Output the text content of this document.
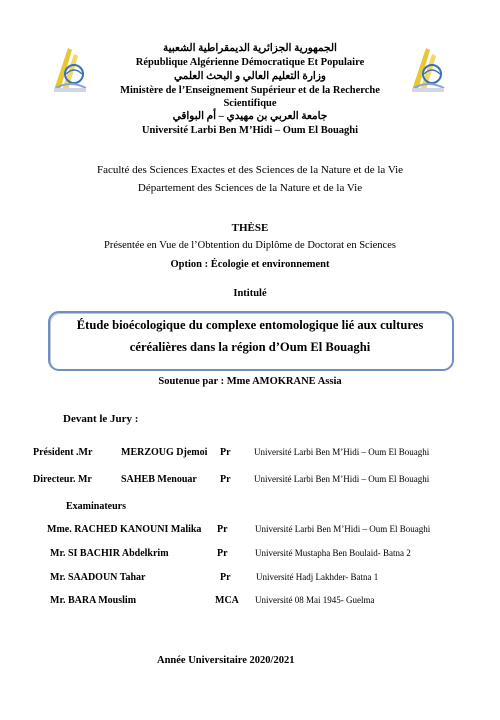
الجمهورية الجزائرية الديمقراطية الشعبية
République Algérienne Démocratique Et Populaire
وزارة التعليم العالي و البحث العلمي
Ministère de l’Enseignement Supérieur et de la Recherche
Scientifique
جامعة العربي بن مهيدي – أم البواقي
Université Larbi Ben M’Hidi – Oum El Bouaghi
Faculté des Sciences Exactes et des Sciences de la Nature et de la Vie
Département des Sciences de la Nature et de la Vie
THÈSE
Présentée en Vue de l’Obtention du Diplôme de Doctorat en Sciences
Option : Écologie et environnement
Intitulé
Étude bioécologique du complexe entomologique lié aux cultures
céréalières dans la région d’Oum El Bouaghi
Soutenue par : Mme AMOKRANE Assia
Devant le Jury :
Président .Mr	MERZOUG Djemoi Pr	Université Larbi Ben M’Hidi – Oum El Bouaghi
Directeur. Mr	SAHEB Menouar Pr	Université Larbi Ben M’Hidi – Oum El Bouaghi
Examinateurs
Mme. RACHED KANOUNI Malika Pr	Université Larbi Ben M’Hidi – Oum El Bouaghi
Mr. SI BACHIR Abdelkrim	Pr	Université Mustapha Ben Boulaid- Batna 2
Mr. SAADOUN Tahar	Pr	Université Hadj Lakhder- Batna 1
Mr. BARA Mouslim	MCA Université 08 Mai 1945- Guelma
Année Universitaire 2020/2021
